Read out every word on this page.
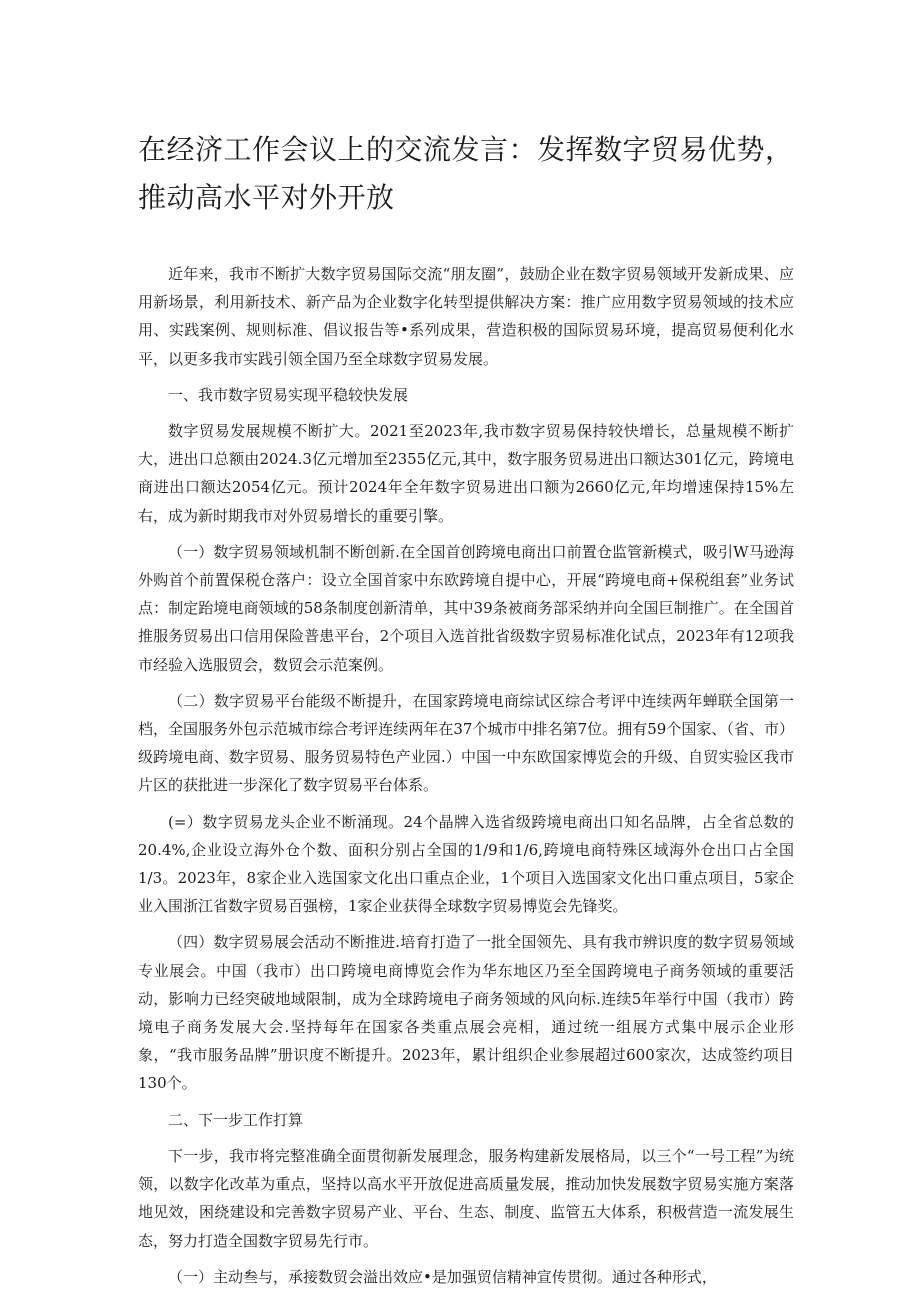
在经济工作会议上的交流发言：发挥数字贸易优势，
推动高水平对外开放

近年来，我市不断扩大数字贸易国际交流“朋友圈”，鼓励企业在数字贸易领域开发新成果、应用新场景，利用新技术、新产品为企业数字化转型提供解决方案：推广应用数字贸易领域的技术应用、实践案例、规则标准、倡议报告等•系列成果，营造积极的国际贸易环境，提高贸易便利化水平，以更多我市实践引领全国乃至全球数字贸易发展。

一、我市数字贸易实现平稳较快发展

数字贸易发展规模不断扩大。2021至2023年,我市数字贸易保持较快增长，总量规模不断扩大，进出口总额由2024.3亿元增加至2355亿元,其中，数字服务贸易进出口额达301亿元，跨境电商进出口额达2054亿元。预计2024年全年数字贸易进出口额为2660亿元,年均增速保持15%左右，成为新时期我市对外贸易增长的重要引擎。

（一）数字贸易领域机制不断创新.在全国首创跨境电商出口前置仓监管新模式，吸引W马逊海外购首个前置保税仓落户：设立全国首家中东欧跨境自提中心，开展“跨境电商+保税组套”业务试点：制定跆境电商领域的58条制度创新清单，其中39条被商务部采纳并向全国巨制推广。在全国首推服务贸易出口信用保险普患平台，2个项目入选首批省级数字贸易标准化试点，2023年有12项我市经验入选服贸会，数贸会示范案例。

（二）数字贸易平台能级不断提升，在国家跨境电商综试区综合考评中连续两年蝉联全国第一档，全国服务外包示范城市综合考评连续两年在37个城市中排名第7位。拥有59个国家、（省、市）级跨境电商、数字贸易、服务贸易特色产业园.）中国一中东欧国家博览会的升级、自贸实验区我市片区的获批进一步深化了数字贸易平台体系。

(=）数字贸易龙头企业不断涌现。24个晶牌入选省级跨境电商出口知名品牌，占全省总数的20.4%,企业设立海外仓个数、面积分别占全国的1/9和1/6,跨境电商特殊区域海外仓出口占全国1/3。2023年，8家企业入选国家文化出口重点企业，1个项目入选国家文化出口重点项目，5家企业入围浙江省数字贸易百强榜，1家企业获得全球数字贸易博览会先锋奖。

（四）数字贸易展会活动不断推进.培育打造了一批全国领先、具有我市辨识度的数字贸易领域专业展会。中国（我市）出口跨境电商博览会作为华东地区乃至全国跨境电子商务领域的重要活动，影响力已经突破地域限制，成为全球跨境电子商务领域的风向标.连续5年举行中国（我市）跨境电子商务发展大会.坚持每年在国家各类重点展会亮相，通过统一组展方式集中展示企业形象，“我市服务品牌”册识度不断提升。2023年，累计组织企业参展超过600家次，达成签约项目130个。

二、下一步工作打算

下一步，我市将完整准确全面贯彻新发展理念，服务构建新发展格局，以三个“一号工程”为统领，以数字化改革为重点，坚持以高水平开放促进高质量发展，推动加快发展数字贸易实施方案落地见效，困绕建设和完善数字贸易产业、平台、生态、制度、监管五大体系，积极营造一流发展生态，努力打造全国数字贸易先行市。

（一）主动叁与，承接数贸会溢出效应•是加强贸信精神宣传贯彻。通过各种形式，
